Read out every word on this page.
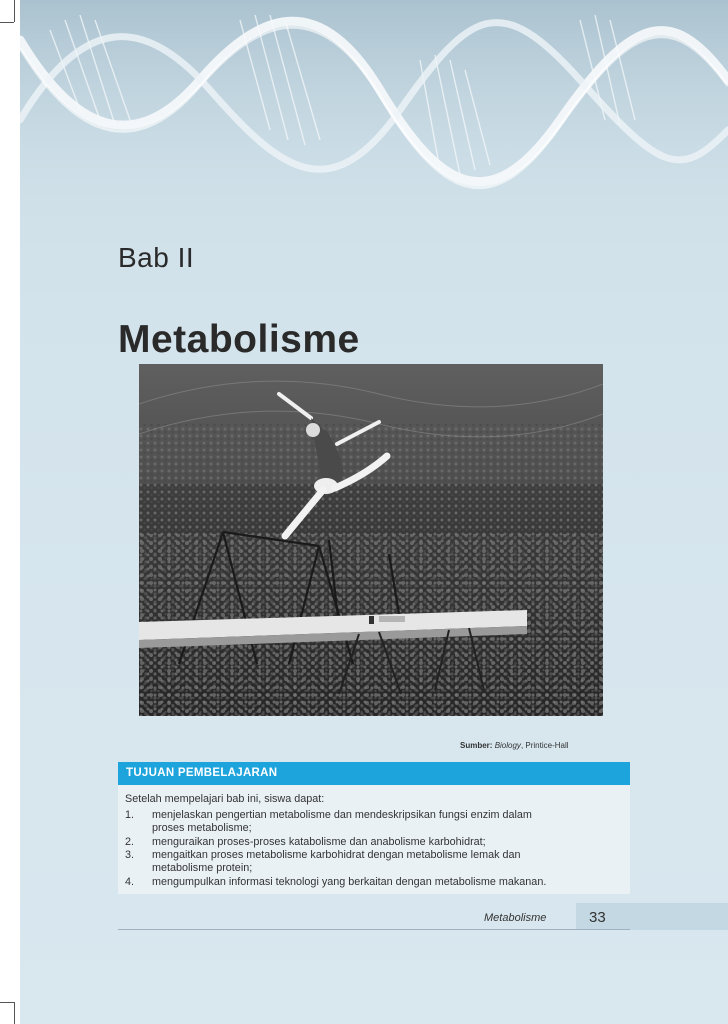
Bab II
Metabolisme
Sumber: Biology, Printice-Hall
TUJUAN PEMBELAJARAN
Setelah mempelajari bab ini, siswa dapat:
1. menjelaskan pengertian metabolisme dan mendeskripsikan fungsi enzim dalam
proses metabolisme;
2. menguraikan proses-proses katabolisme dan anabolisme karbohidrat;
3. mengaitkan proses metabolisme karbohidrat dengan metabolisme lemak dan
metabolisme protein;
4. mengumpulkan informasi teknologi yang berkaitan dengan metabolisme makanan.
Metabolisme	33
